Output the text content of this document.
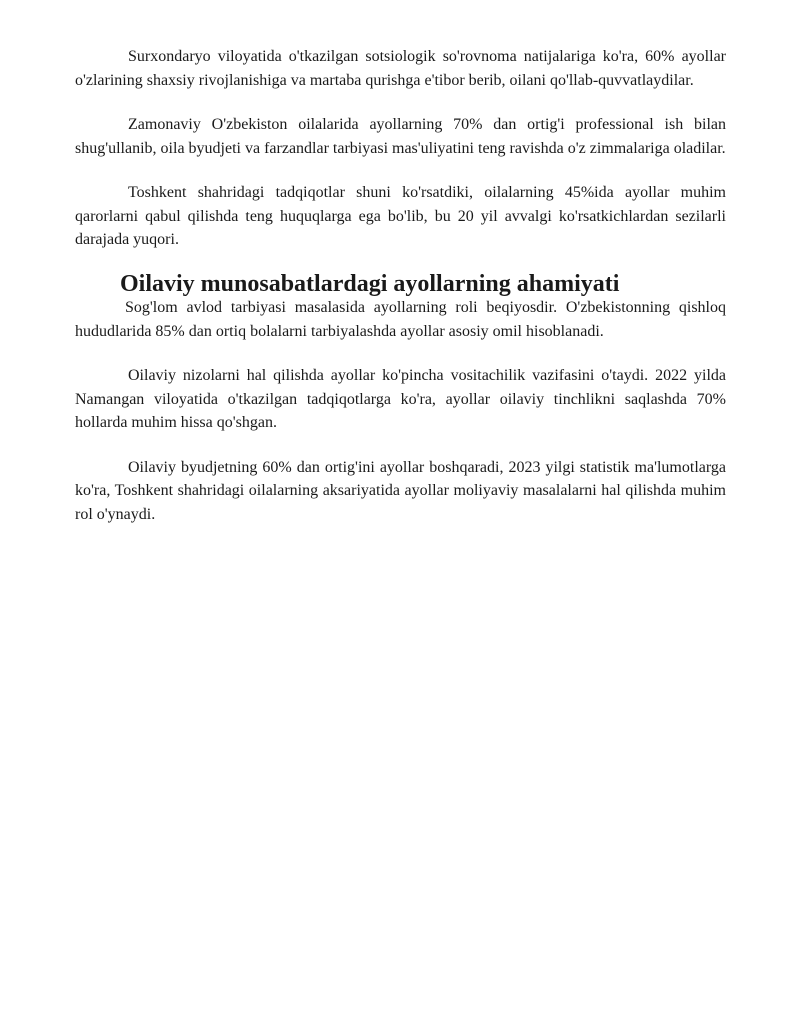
Surxondaryo viloyatida o'tkazilgan sotsiologik so'rovnoma natijalariga ko'ra, 60% ayollar o'zlarining shaxsiy rivojlanishiga va martaba qurishga e'tibor berib, oilani qo'llab-quvvatlaydilar.

Zamonaviy O'zbekiston oilalarida ayollarning 70% dan ortig'i professional ish bilan shug'ullanib, oila byudjeti va farzandlar tarbiyasi mas'uliyatini teng ravishda o'z zimmalariga oladilar.

Toshkent shahridagi tadqiqotlar shuni ko'rsatdiki, oilalarning 45%ida ayollar muhim qarorlarni qabul qilishda teng huquqlarga ega bo'lib, bu 20 yil avvalgi ko'rsatkichlardan sezilarli darajada yuqori.

Oilaviy munosabatlardagi ayollarning ahamiyati

Sog'lom avlod tarbiyasi masalasida ayollarning roli beqiyosdir. O'zbekistonning qishloq hududlarida 85% dan ortiq bolalarni tarbiyalashda ayollar asosiy omil hisoblanadi.

Oilaviy nizolarni hal qilishda ayollar ko'pincha vositachilik vazifasini o'taydi. 2022 yilda Namangan viloyatida o'tkazilgan tadqiqotlarga ko'ra, ayollar oilaviy tinchlikni saqlashda 70% hollarda muhim hissa qo'shgan.

Oilaviy byudjetning 60% dan ortig'ini ayollar boshqaradi, 2023 yilgi statistik ma'lumotlarga ko'ra, Toshkent shahridagi oilalarning aksariyatida ayollar moliyaviy masalalarni hal qilishda muhim rol o'ynaydi.
